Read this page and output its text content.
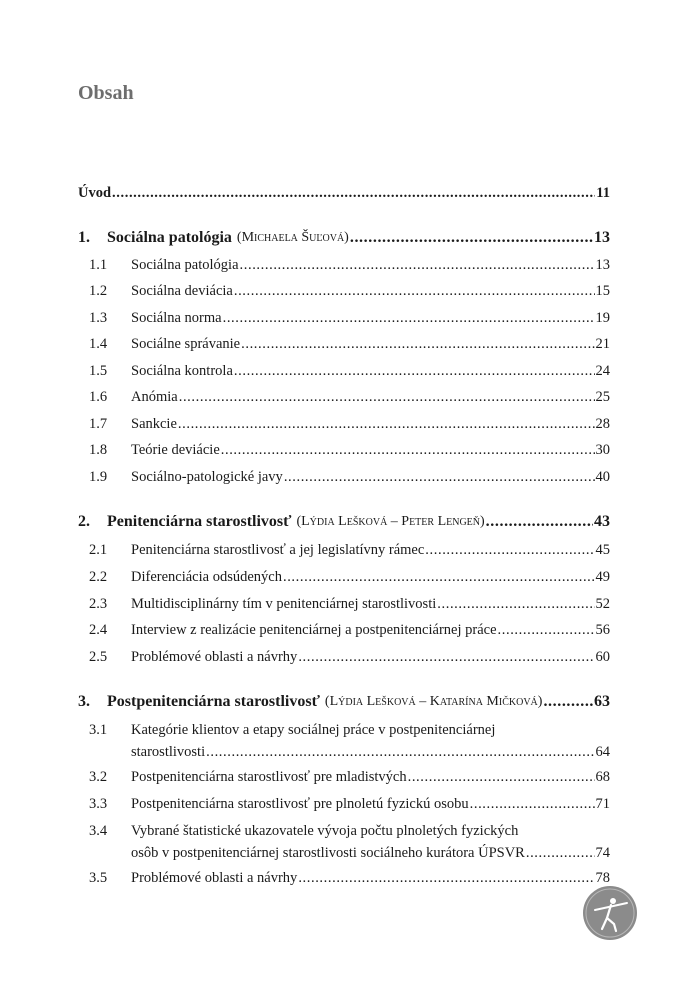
Obsah
Úvod .....	11
1.	Sociálna patológia (Michaela Šuľová) .....	13
1.1	Sociálna patológia .....	13
1.2	Sociálna deviácia .....	15
1.3	Sociálna norma .....	19
1.4	Sociálne správanie .....	21
1.5	Sociálna kontrola .....	24
1.6	Anómia .....	25
1.7	Sankcie .....	28
1.8	Teórie deviácie .....	30
1.9	Sociálno-patologické javy .....	40
2.	Penitenciárna starostlivosť (Lýdia Lešková – Peter Lengeň) .....	43
2.1	Penitenciárna starostlivosť a jej legislatívny rámec .....	45
2.2	Diferenciácia odsúdených .....	49
2.3	Multidisciplinárny tím v penitenciárnej starostlivosti .....	52
2.4	Interview z realizácie penitenciárnej a postpenitenciárnej práce .....	56
2.5	Problémové oblasti a návrhy .....	60
3.	Postpenitenciárna starostlivosť (Lýdia Lešková – Katarína Mičková) .....	63
3.1	Kategórie klientov a etapy sociálnej práce v postpenitenciárnej
starostlivosti .....	64
3.2	Postpenitenciárna starostlivosť pre mladistvých .....	68
3.3	Postpenitenciárna starostlivosť pre plnoletú fyzickú osobu .....	71
3.4	Vybrané štatistické ukazovatele vývoja počtu plnoletých fyzických
osôb v postpenitenciárnej starostlivosti sociálneho kurátora ÚPSVR .....	74
3.5	Problémové oblasti a návrhy .....	78
